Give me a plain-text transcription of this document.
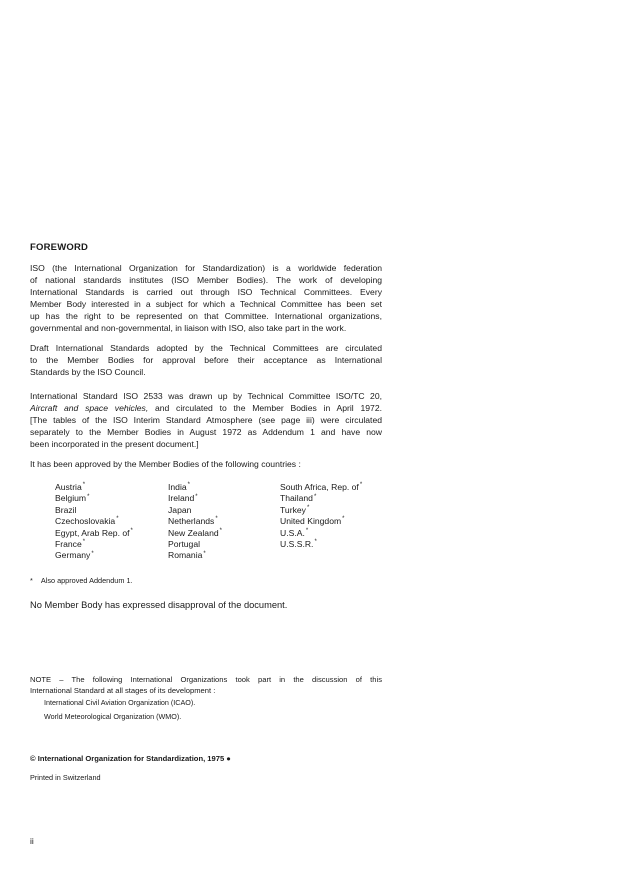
FOREWORD
ISO (the International Organization for Standardization) is a worldwide federation
of national standards institutes (ISO Member Bodies). The work of developing
International Standards is carried out through ISO Technical Committees. Every
Member Body interested in a subject for which a Technical Committee has been set
up has the right to be represented on that Committee. International organizations,
governmental and non-governmental, in liaison with ISO, also take part in the work.
Draft International Standards adopted by the Technical Committees are circulated
to the Member Bodies for approval before their acceptance as International
Standards by the ISO Council.
International Standard ISO 2533 was drawn up by Technical Committee ISO/TC 20,
Aircraft and space vehicles, and circulated to the Member Bodies in April 1972.
[The tables of the ISO Interim Standard Atmosphere (see page iii) were circulated
separately to the Member Bodies in August 1972 as Addendum 1 and have now
been incorporated in the present document.]
It has been approved by the Member Bodies of the following countries :
Austria*
Belgium*
Brazil
Czechoslovakia*
Egypt, Arab Rep. of*
France*
Germany*
India*
Ireland*
Japan
Netherlands*
New Zealand*
Portugal
Romania*
South Africa, Rep. of*
Thailand*
Turkey*
United Kingdom*
U.S.A.*
U.S.S.R.*
* Also approved Addendum 1.
No Member Body has expressed disapproval of the document.
NOTE – The following International Organizations took part in the discussion of this
International Standard at all stages of its development :
International Civil Aviation Organization (ICAO).
World Meteorological Organization (WMO).
© International Organization for Standardization, 1975 ●
Printed in Switzerland
ii
